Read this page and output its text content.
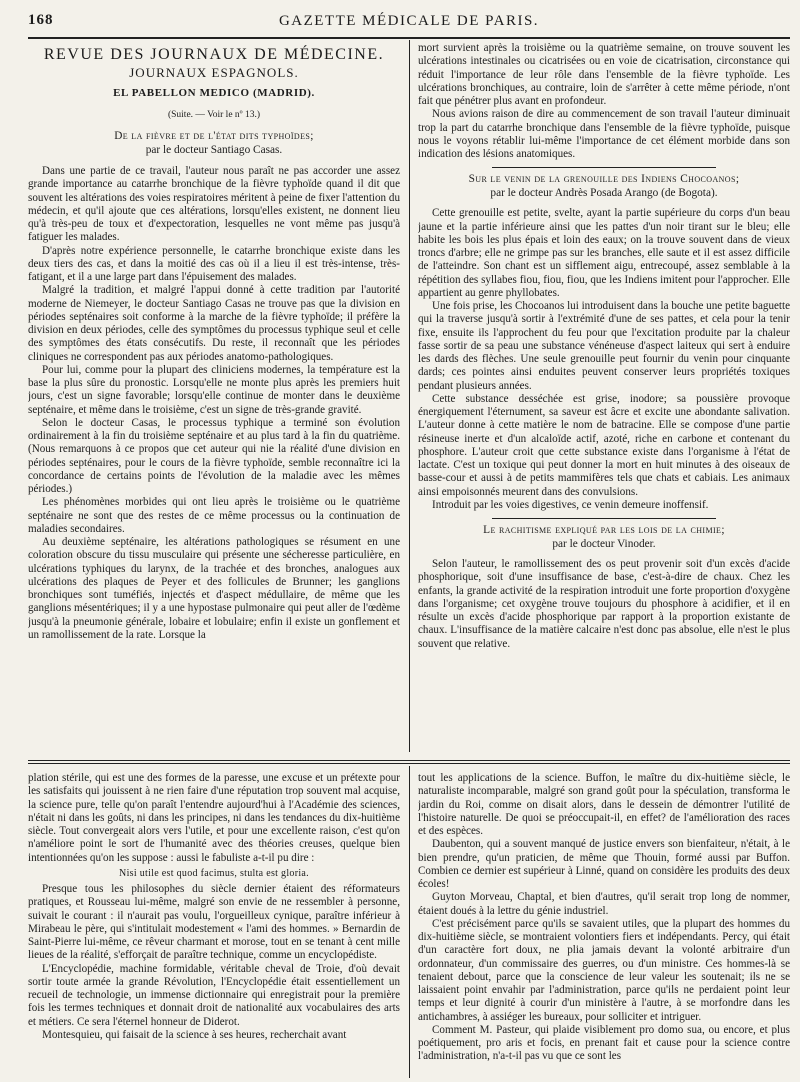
168	GAZETTE MÉDICALE DE PARIS.
REVUE DES JOURNAUX DE MÉDECINE.
JOURNAUX ESPAGNOLS.
EL PABELLON MEDICO (MADRID).
(Suite. — Voir le nº 13.)
De la fièvre et de l'état dits typhoïdes;
par le docteur Santiago Casas.

Dans une partie de ce travail, l'auteur nous paraît ne pas accorder une assez grande importance au catarrhe bronchique de la fièvre typhoïde quand il dit que souvent les altérations des voies respiratoires méritent à peine de fixer l'attention du médecin, et qu'il ajoute que ces altérations, lorsqu'elles existent, ne donnent lieu qu'à très-peu de toux et d'expectoration, lesquelles ne vont même pas jusqu'à fatiguer les malades.

D'après notre expérience personnelle, le catarrhe bronchique existe dans les deux tiers des cas, et dans la moitié des cas où il a lieu il est très-intense, très-fatigant, et il a une large part dans l'épuisement des malades.

Malgré la tradition, et malgré l'appui donné à cette tradition par l'autorité moderne de Niemeyer, le docteur Santiago Casas ne trouve pas que la division en périodes septénaires soit conforme à la marche de la fièvre typhoïde; il préfère la division en deux périodes, celle des symptômes du processus typhique seul et celle des symptômes des états consécutifs. Du reste, il reconnaît que les périodes cliniques ne correspondent pas aux périodes anatomo-pathologiques.

Pour lui, comme pour la plupart des cliniciens modernes, la température est la base la plus sûre du pronostic. Lorsqu'elle ne monte plus après les premiers huit jours, c'est un signe favorable; lorsqu'elle continue de monter dans le deuxième septénaire, et même dans le troisième, c'est un signe de très-grande gravité.

Selon le docteur Casas, le processus typhique a terminé son évolution ordinairement à la fin du troisième septénaire et au plus tard à la fin du quatrième. (Nous remarquons à ce propos que cet auteur qui nie la réalité d'une division en périodes septénaires, pour le cours de la fièvre typhoïde, semble reconnaître ici la concordance de certains points de l'évolution de la maladie avec les mêmes périodes.)

Les phénomènes morbides qui ont lieu après le troisième ou le quatrième septénaire ne sont que des restes de ce même processus ou la continuation de maladies secondaires.

Au deuxième septénaire, les altérations pathologiques se résument en une coloration obscure du tissu musculaire qui présente une sécheresse particulière, en ulcérations typhiques du larynx, de la trachée et des bronches, analogues aux ulcérations des plaques de Peyer et des follicules de Brunner; les ganglions bronchiques sont tuméfiés, injectés et d'aspect médullaire, de même que les ganglions mésentériques; il y a une hypostase pulmonaire qui peut aller de l'œdème jusqu'à la pneumonie générale, lobaire et lobulaire; enfin il existe un gonflement et un ramollissement de la rate. Lorsque la

mort survient après la troisième ou la quatrième semaine, on trouve souvent les ulcérations intestinales ou cicatrisées ou en voie de cicatrisation, circonstance qui réduit l'importance de leur rôle dans l'ensemble de la fièvre typhoïde. Les ulcérations bronchiques, au contraire, loin de s'arrêter à cette même période, n'ont fait que pénétrer plus avant en profondeur.

Nous avions raison de dire au commencement de son travail l'auteur diminuait trop la part du catarrhe bronchique dans l'ensemble de la fièvre typhoïde, puisque nous le voyons rétablir lui-même l'importance de cet élément morbide dans son indication des lésions anatomiques.

Sur le venin de la grenouille des Indiens Chocoanos;
par le docteur Andrès Posada Arango (de Bogota).

Cette grenouille est petite, svelte, ayant la partie supérieure du corps d'un beau jaune et la partie inférieure ainsi que les pattes d'un noir tirant sur le bleu; elle habite les bois les plus épais et loin des eaux; on la trouve souvent dans de vieux troncs d'arbre; elle ne grimpe pas sur les branches, elle saute et il est assez difficile de l'atteindre. Son chant est un sifflement aigu, entrecoupé, assez semblable à la répétition des syllabes fiou, fiou, fiou, que les Indiens imitent pour l'approcher. Elle appartient au genre phyllobates.

Une fois prise, les Chocoanos lui introduisent dans la bouche une petite baguette qui la traverse jusqu'à sortir à l'extrémité d'une de ses pattes, et cela pour la tenir fixe, ensuite ils l'approchent du feu pour que l'excitation produite par la chaleur fasse sortir de sa peau une substance vénéneuse d'aspect laiteux qui sert à enduire les dards des flèches. Une seule grenouille peut fournir du venin pour cinquante dards; ces pointes ainsi enduites peuvent conserver leurs propriétés toxiques pendant plusieurs années.

Cette substance desséchée est grise, inodore; sa poussière provoque énergiquement l'éternument, sa saveur est âcre et excite une abondante salivation. L'auteur donne à cette matière le nom de batracine. Elle se compose d'une partie résineuse inerte et d'un alcaloïde actif, azoté, riche en carbone et contenant du phosphore. L'auteur croit que cette substance existe dans l'organisme à l'état de lactate. C'est un toxique qui peut donner la mort en huit minutes à des oiseaux de basse-cour et aussi à de petits mammifères tels que chats et cabiais. Les animaux ainsi empoisonnés meurent dans des convulsions.

Introduit par les voies digestives, ce venin demeure inoffensif.

Le rachitisme expliqué par les lois de la chimie;
par le docteur Vinoder.

Selon l'auteur, le ramollissement des os peut provenir soit d'un excès d'acide phosphorique, soit d'une insuffisance de base, c'est-à-dire de chaux. Chez les enfants, la grande activité de la respiration introduit une forte proportion d'oxygène dans l'organisme; cet oxygène trouve toujours du phosphore à acidifier, et il en résulte un excès d'acide phosphorique par rapport à la proportion existante de chaux. L'insuffisance de la matière calcaire n'est donc pas absolue, elle n'est le plus souvent que relative.

plation stérile, qui est une des formes de la paresse, une excuse et un prétexte pour les satisfaits qui jouissent à ne rien faire d'une réputation trop souvent mal acquise, la science pure, telle qu'on paraît l'entendre aujourd'hui à l'Académie des sciences, n'était ni dans les goûts, ni dans les principes, ni dans les tendances du dix-huitième siècle. Tout convergeait alors vers l'utile, et pour une excellente raison, c'est qu'on n'améliore point le sort de l'humanité avec des théories creuses, quelque bien intentionnées qu'on les suppose : aussi le fabuliste a-t-il pu dire :

Nisi utile est quod facimus, stulta est gloria.

Presque tous les philosophes du siècle dernier étaient des réformateurs pratiques, et Rousseau lui-même, malgré son envie de ne ressembler à personne, suivait le courant : il n'aurait pas voulu, l'orgueilleux cynique, paraître inférieur à Mirabeau le père, qui s'intitulait modestement « l'ami des hommes. » Bernardin de Saint-Pierre lui-même, ce rêveur charmant et morose, tout en se tenant à cent mille lieues de la réalité, s'efforçait de paraître technique, comme un encyclopédiste.

L'Encyclopédie, machine formidable, véritable cheval de Troie, d'où devait sortir toute armée la grande Révolution, l'Encyclopédie était essentiellement un recueil de technologie, un immense dictionnaire qui enregistrait pour la première fois les termes techniques et donnait droit de nationalité aux vocabulaires des arts et métiers. Ce sera l'éternel honneur de Diderot.

Montesquieu, qui faisait de la science à ses heures, recherchait avant

tout les applications de la science. Buffon, le maître du dix-huitième siècle, le naturaliste incomparable, malgré son grand goût pour la spéculation, transforma le jardin du Roi, comme on disait alors, dans le dessein de démontrer l'utilité de l'histoire naturelle. De quoi se préoccupait-il, en effet? de l'amélioration des races et des espèces.

Daubenton, qui a souvent manqué de justice envers son bienfaiteur, n'était, à le bien prendre, qu'un praticien, de même que Thouin, formé aussi par Buffon. Combien ce dernier est supérieur à Linné, quand on considère les produits des deux écoles!

Guyton Morveau, Chaptal, et bien d'autres, qu'il serait trop long de nommer, étaient doués à la lettre du génie industriel.

C'est précisément parce qu'ils se savaient utiles, que la plupart des hommes du dix-huitième siècle, se montraient volontiers fiers et indépendants. Percy, qui était d'un caractère fort doux, ne plia jamais devant la volonté arbitraire d'un ordonnateur, d'un commissaire des guerres, ou d'un ministre. Ces hommes-là se tenaient debout, parce que la conscience de leur valeur les soutenait; ils ne se laissaient point envahir par l'administration, parce qu'ils ne perdaient point leur temps et leur dignité à courir d'un ministère à l'autre, à se morfondre dans les antichambres, à assiéger les bureaux, pour solliciter et intriguer.

Comment M. Pasteur, qui plaide visiblement pro domo sua, ou encore, et plus poétiquement, pro aris et focis, en prenant fait et cause pour la science contre l'administration, n'a-t-il pas vu que ce sont les
